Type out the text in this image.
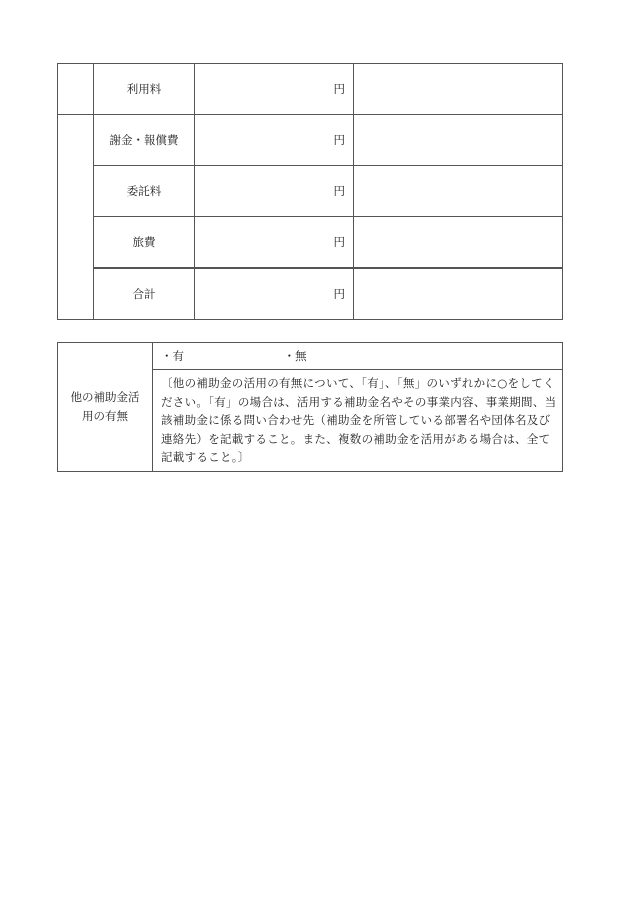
	利用料	円	
	謝金・報償費	円	
	委託料	円	
	旅費	円	
	合計	円	
他の補助金活
用の有無	・有	・無
〔他の補助金の活用の有無について、「有」、「無」のいずれかに○をしてください。「有」の場合は、活用する補助金名やその事業内容、事業期間、当該補助金に係る問い合わせ先（補助金を所管している部署名や団体名及び連絡先）を記載すること。また、複数の補助金を活用がある場合は、全て記載すること。〕
